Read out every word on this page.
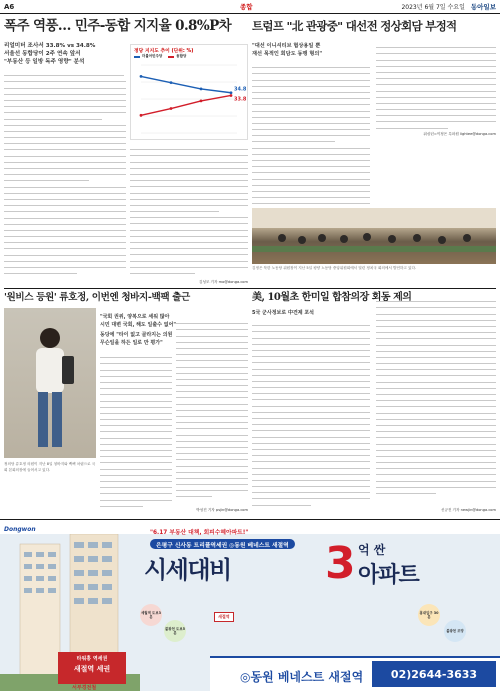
A6	종합	2023년 6월 7일 수요일 동아일보
폭주 역풍… 민주-동합 지지율 0.8%P차
리얼미터 조사서 33.8% vs 34.8%
서울선 동합당이 2주 연속 앞서
"부동산 등 일방 독주 영향" 분석
정당 지지도 추이 (단위: %)
더불어민주당	동합당
34.8
33.8
김성모 기자 mo@donga.com
트럼프 "北 관광중" 대선전 정상회담 부정적
"대선 이니셔티브 협상용일 뿐
재선 목적인 회담도 동맹 형의"
워싱턴=이정은 특파원 lightee@donga.com
김정은 북한 노동당 위원장이 지난 5일 평양 노동당 중앙위원회에서 열린 정치국 회의에서 발언하고 있다.
'원비스 등원' 류호정, 이번엔 청바지-백팩 출근
정의당 류호정 의원이 지난 8일 청바지와 백팩 차림으로 국회 본회의장에 들어서고 있다.
"국회 권위, 양복으로 세워 많아
시민 대변 국회, 해도 일출수 없어"
동당에 "타이 없고 골라지는 의원
무슨일을 하든 일로 만 평가"
박성진 기자 psjin@donga.com
美, 10월초 한미일 합참의장 회동 제의
5국 군사정보로 中견제 포석
신규진 기자 newjin@donga.com
Dongwon	"6.17 부동산 대책, 회피수혜아파트!"
은평구 신사동 트리플역세권 ◎동원 베네스트 새절역
시세대비 3 억 싼
아파트
새절역
세월역 도보3분
불광천 도보5분
홍대입구 30분
불광천 조망
타워홍 역세권
새절역 세권
서부경전철
◎동원 베네스트 새절역	02)2644-3633
